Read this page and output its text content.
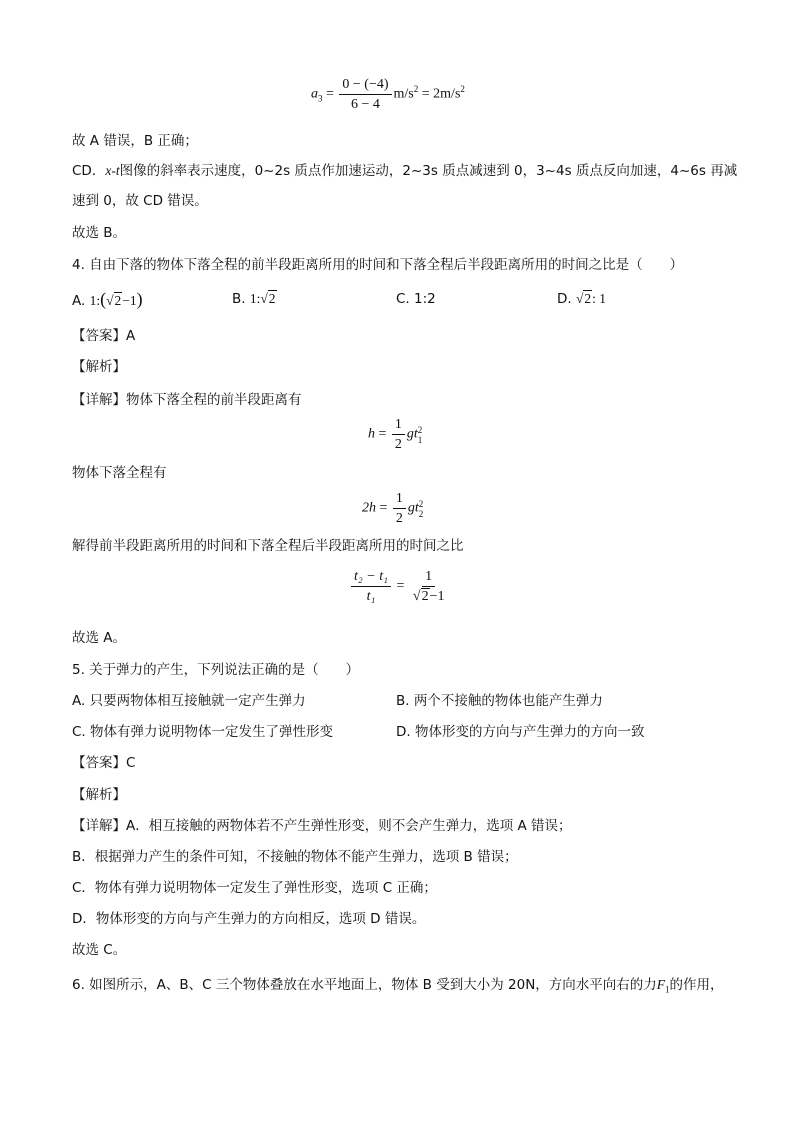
$a_3 = \frac{0 - (-4)}{6 - 4} m/s^2 = 2m/s^2$
故 A 错误，B 正确；
CD．x-t图像的斜率表示速度，0~2s 质点作加速运动，2~3s 质点减速到 0，3~4s 质点反向加速，4~6s 再减
速到 0，故 CD 错误。
故选 B。
4. 自由下落的物体下落全程的前半段距离所用的时间和下落全程后半段距离所用的时间之比是（　　）
A. 1:(√2−1)	B. 1:√2	C. 1:2	D. √2: 1
【答案】A
【解析】
【详解】物体下落全程的前半段距离有
$h = \frac{1}{2}$ gt 2
1
物体下落全程有
$2h = \frac{1}{2}$ gt 2
2
解得前半段距离所用的时间和下落全程后半段距离所用的时间之比
$\frac{\text{t₂ − t₁}}{\text{t₁}} = \frac{1}{√2-1}$
故选 A。
5. 关于弹力的产生，下列说法正确的是（　　）
A. 只要两物体相互接触就一定产生弹力	B. 两个不接触的物体也能产生弹力
C. 物体有弹力说明物体一定发生了弹性形变	D. 物体形变的方向与产生弹力的方向一致
【答案】C
【解析】
【详解】A．相互接触的两物体若不产生弹性形变，则不会产生弹力，选项 A 错误；
B．根据弹力产生的条件可知，不接触的物体不能产生弹力，选项 B 错误；
C．物体有弹力说明物体一定发生了弹性形变，选项 C 正确；
D．物体形变的方向与产生弹力的方向相反，选项 D 错误。
故选 C。
6. 如图所示，A、B、C 三个物体叠放在水平地面上，物体 B 受到大小为 20N，方向水平向右的力$F_1$的作用，
